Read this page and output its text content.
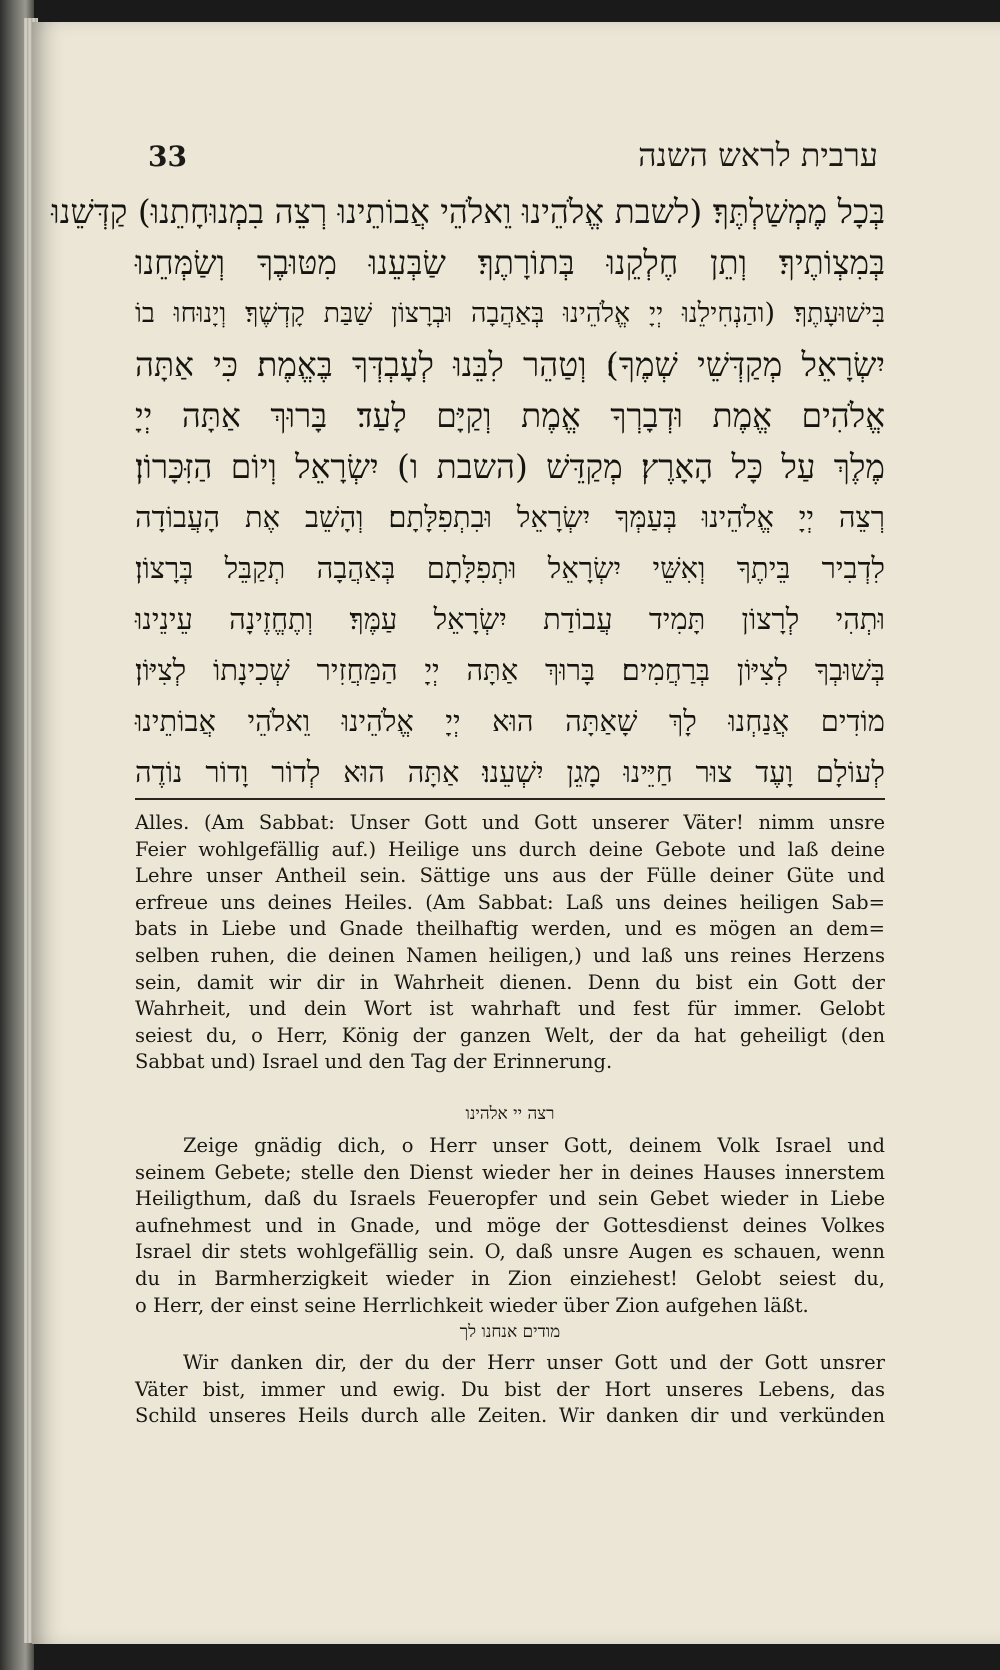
33	ערבית לראש השנה
בְּכָל מֶמְשַׁלְתֶּךָ׃ (לשבת אֱלֹהֵינוּ וֵאלֹהֵי אֲבוֹתֵינוּ רְצֵה בִמְנוּחָתֵנוּ) קַדְּשֵׁנוּ
בְּמִצְוֹתֶיךָ׃ וְתֵן חֶלְקֵנוּ בְּתוֹרָתֶךָ׃ שַׂבְּעֵנוּ מִטּוּבֶךָ וְשַׂמְּחֵנוּ
בִּישׁוּעָתֶךָ׃ (והַנְחִילֵנוּ יְיָ אֱלֹהֵינוּ בְּאַהֲבָה וּבְרָצוֹן שַׁבַּת קָדְשֶׁךָ׃ וְיָנוּחוּ בוֹ
יִשְׂרָאֵל מְקַדְּשֵׁי שְׁמֶךָ)׃ וְטַהֵר לִבֵּנוּ לְעָבְדְּךָ בֶּאֱמֶת׃ כִּי אַתָּה
אֱלֹהִים אֱמֶת וּדְבָרְךָ אֱמֶת וְקַיָּם לָעַד׃ בָּרוּךְ אַתָּה יְיָ
מֶלֶךְ עַל כָּל הָאָרֶץ׃ מְקַדֵּשׁ (השבת ו) יִשְׂרָאֵל וְיוֹם הַזִּכָּרוֹן׃
רְצֵה יְיָ אֱלֹהֵינוּ בְּעַמְּךָ יִשְׂרָאֵל וּבִתְפִלָּתָם׃ וְהָשֵׁב אֶת הָעֲבוֹדָה
לִדְבִיר בֵּיתֶךָ וְאִשֵּׁי יִשְׂרָאֵל וּתְפִלָּתָם בְּאַהֲבָה תְקַבֵּל בְּרָצוֹן׃
וּתְהִי לְרָצוֹן תָּמִיד עֲבוֹדַת יִשְׂרָאֵל עַמֶּךָ׃ וְתֶחֱזֶינָה עֵינֵינוּ
בְּשׁוּבְךָ לְצִיּוֹן בְּרַחֲמִים׃ בָּרוּךְ אַתָּה יְיָ הַמַּחֲזִיר שְׁכִינָתוֹ לְצִיּוֹן׃
מוֹדִים אֲנַחְנוּ לָךְ שָׁאַתָּה הוּא יְיָ אֱלֹהֵינוּ וֵאלֹהֵי אֲבוֹתֵינוּ
לְעוֹלָם וָעֶד צוּר חַיֵּינוּ מָגֵן יִשְׁעֵנוּ׃ אַתָּה הוּא לְדוֹר וָדוֹר נוֹדֶה
Alles. (Am Sabbat: Unser Gott und Gott unserer Väter! nimm unsre
Feier wohlgefällig auf.) Heilige uns durch deine Gebote und laß deine
Lehre unser Antheil sein. Sättige uns aus der Fülle deiner Güte und
erfreue uns deines Heiles. (Am Sabbat: Laß uns deines heiligen Sab=
bats in Liebe und Gnade theilhaftig werden, und es mögen an dem=
selben ruhen, die deinen Namen heiligen,) und laß uns reines Herzens
sein, damit wir dir in Wahrheit dienen. Denn du bist ein Gott der
Wahrheit, und dein Wort ist wahrhaft und fest für immer. Gelobt
seiest du, o Herr, König der ganzen Welt, der da hat geheiligt (den
Sabbat und) Israel und den Tag der Erinnerung.
רצה יי אלהינו
Zeige gnädig dich, o Herr unser Gott, deinem Volk Israel und
seinem Gebete; stelle den Dienst wieder her in deines Hauses innerstem
Heiligthum, daß du Israels Feueropfer und sein Gebet wieder in Liebe
aufnehmest und in Gnade, und möge der Gottesdienst deines Volkes
Israel dir stets wohlgefällig sein. O, daß unsre Augen es schauen, wenn
du in Barmherzigkeit wieder in Zion einziehest! Gelobt seiest du,
o Herr, der einst seine Herrlichkeit wieder über Zion aufgehen läßt.
מודים אנחנו לך
Wir danken dir, der du der Herr unser Gott und der Gott unsrer
Väter bist, immer und ewig. Du bist der Hort unseres Lebens, das
Schild unseres Heils durch alle Zeiten. Wir danken dir und verkünden
